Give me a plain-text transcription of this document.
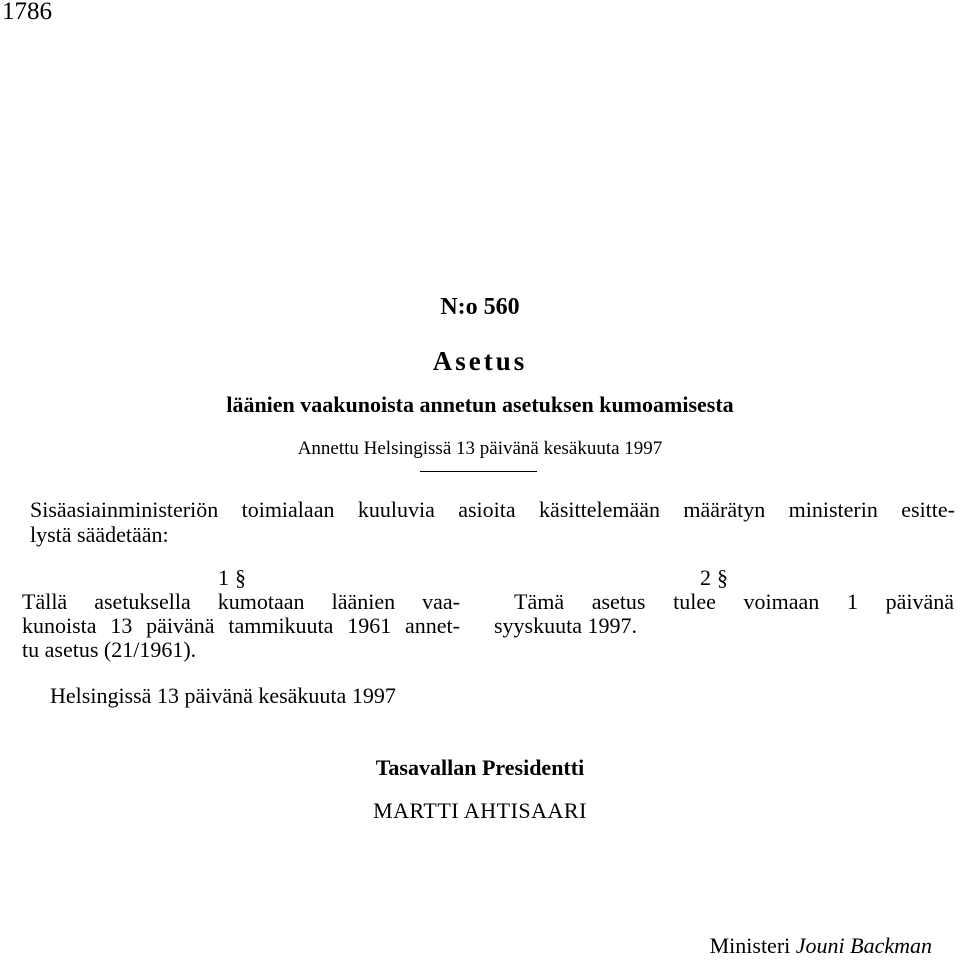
1786
N:o 560
Asetus
läänien vaakunoista annetun asetuksen kumoamisesta
Annettu Helsingissä 13 päivänä kesäkuuta 1997
Sisäasiainministeriön toimialaan kuuluvia asioita käsittelemään määrätyn ministerin esitte-
lystä säädetään:
1 §
Tällä asetuksella kumotaan läänien vaa-
kunoista 13 päivänä tammikuuta 1961 annet-
tu asetus (21/1961).
2 §
Tämä asetus tulee voimaan 1 päivänä
syyskuuta 1997.
Helsingissä 13 päivänä kesäkuuta 1997
Tasavallan Presidentti
MARTTI AHTISAARI
Ministeri Jouni Backman
